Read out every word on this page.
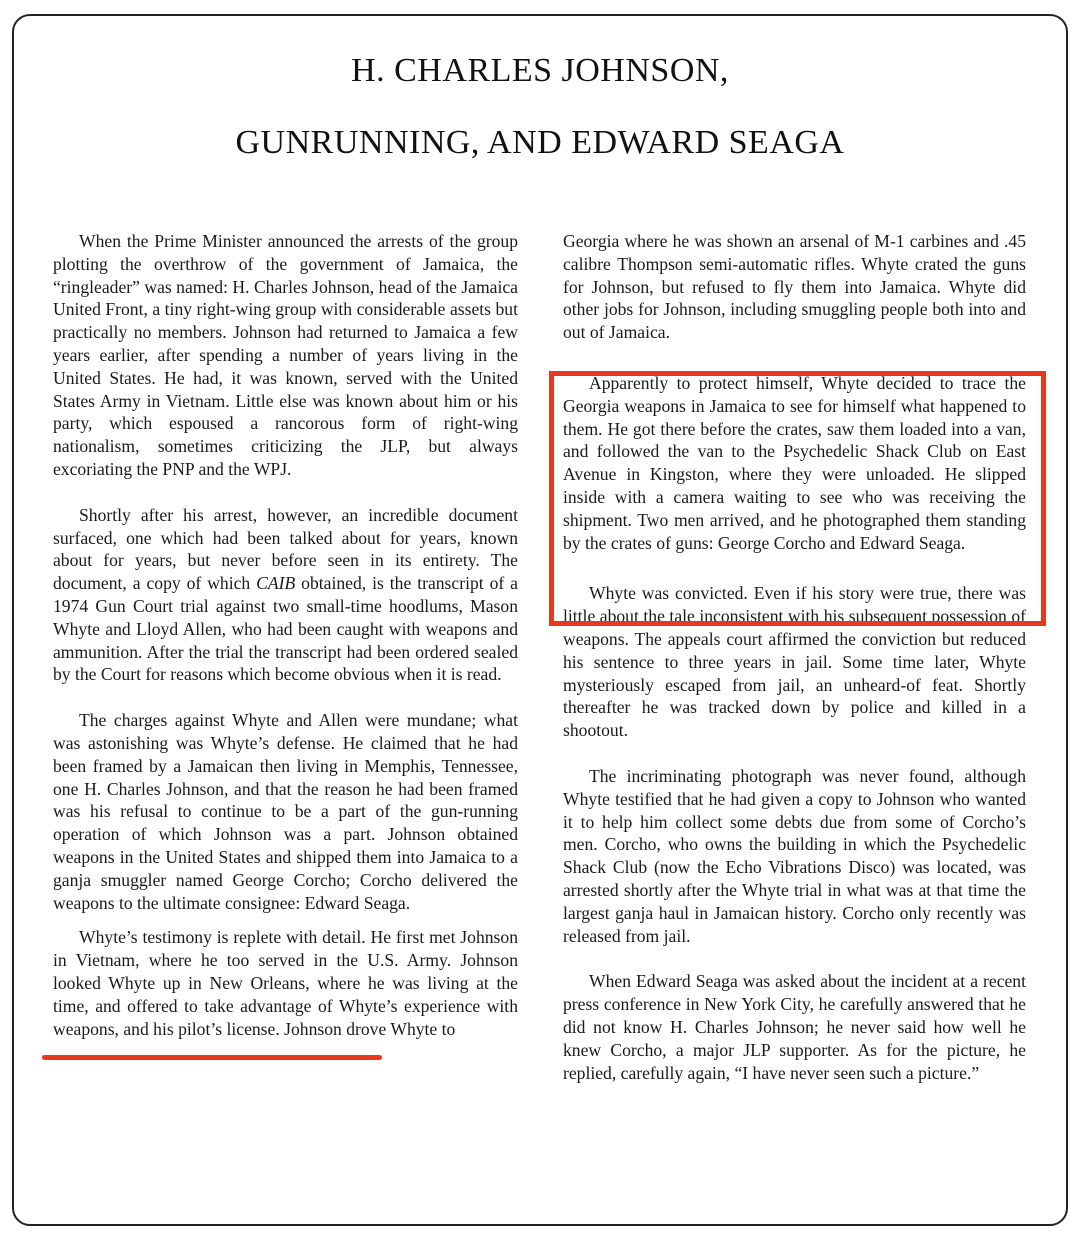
H. CHARLES JOHNSON,
GUNRUNNING, AND EDWARD SEAGA

When the Prime Minister announced the arrests of the group plotting the overthrow of the government of Jamaica, the “ringleader” was named: H. Charles Johnson, head of the Jamaica United Front, a tiny right-wing group with considerable assets but practically no members. Johnson had returned to Jamaica a few years earlier, after spending a number of years living in the United States. He had, it was known, served with the United States Army in Vietnam. Little else was known about him or his party, which espoused a rancorous form of right-wing nationalism, sometimes criticizing the JLP, but always excoriating the PNP and the WPJ.

Shortly after his arrest, however, an incredible document surfaced, one which had been talked about for years, known about for years, but never before seen in its entirety. The document, a copy of which CAIB obtained, is the transcript of a 1974 Gun Court trial against two small-time hoodlums, Mason Whyte and Lloyd Allen, who had been caught with weapons and ammunition. After the trial the transcript had been ordered sealed by the Court for reasons which become obvious when it is read.

The charges against Whyte and Allen were mundane; what was astonishing was Whyte’s defense. He claimed that he had been framed by a Jamaican then living in Memphis, Tennessee, one H. Charles Johnson, and that the reason he had been framed was his refusal to continue to be a part of the gun-running operation of which Johnson was a part. Johnson obtained weapons in the United States and shipped them into Jamaica to a ganja smuggler named George Corcho; Corcho delivered the weapons to the ultimate consignee: Edward Seaga.

Whyte’s testimony is replete with detail. He first met Johnson in Vietnam, where he too served in the U.S. Army. Johnson looked Whyte up in New Orleans, where he was living at the time, and offered to take advantage of Whyte’s experience with weapons, and his pilot’s license. Johnson drove Whyte to

Georgia where he was shown an arsenal of M-1 carbines and .45 calibre Thompson semi-automatic rifles. Whyte crated the guns for Johnson, but refused to fly them into Jamaica. Whyte did other jobs for Johnson, including smuggling people both into and out of Jamaica.

Apparently to protect himself, Whyte decided to trace the Georgia weapons in Jamaica to see for himself what happened to them. He got there before the crates, saw them loaded into a van, and followed the van to the Psychedelic Shack Club on East Avenue in Kingston, where they were unloaded. He slipped inside with a camera waiting to see who was receiving the shipment. Two men arrived, and he photographed them standing by the crates of guns: George Corcho and Edward Seaga.

Whyte was convicted. Even if his story were true, there was little about the tale inconsistent with his subsequent possession of weapons. The appeals court affirmed the conviction but reduced his sentence to three years in jail. Some time later, Whyte mysteriously escaped from jail, an unheard-of feat. Shortly thereafter he was tracked down by police and killed in a shootout.

The incriminating photograph was never found, although Whyte testified that he had given a copy to Johnson who wanted it to help him collect some debts due from some of Corcho’s men. Corcho, who owns the building in which the Psychedelic Shack Club (now the Echo Vibrations Disco) was located, was arrested shortly after the Whyte trial in what was at that time the largest ganja haul in Jamaican history. Corcho only recently was released from jail.

When Edward Seaga was asked about the incident at a recent press conference in New York City, he carefully answered that he did not know H. Charles Johnson; he never said how well he knew Corcho, a major JLP supporter. As for the picture, he replied, carefully again, “I have never seen such a picture.”
